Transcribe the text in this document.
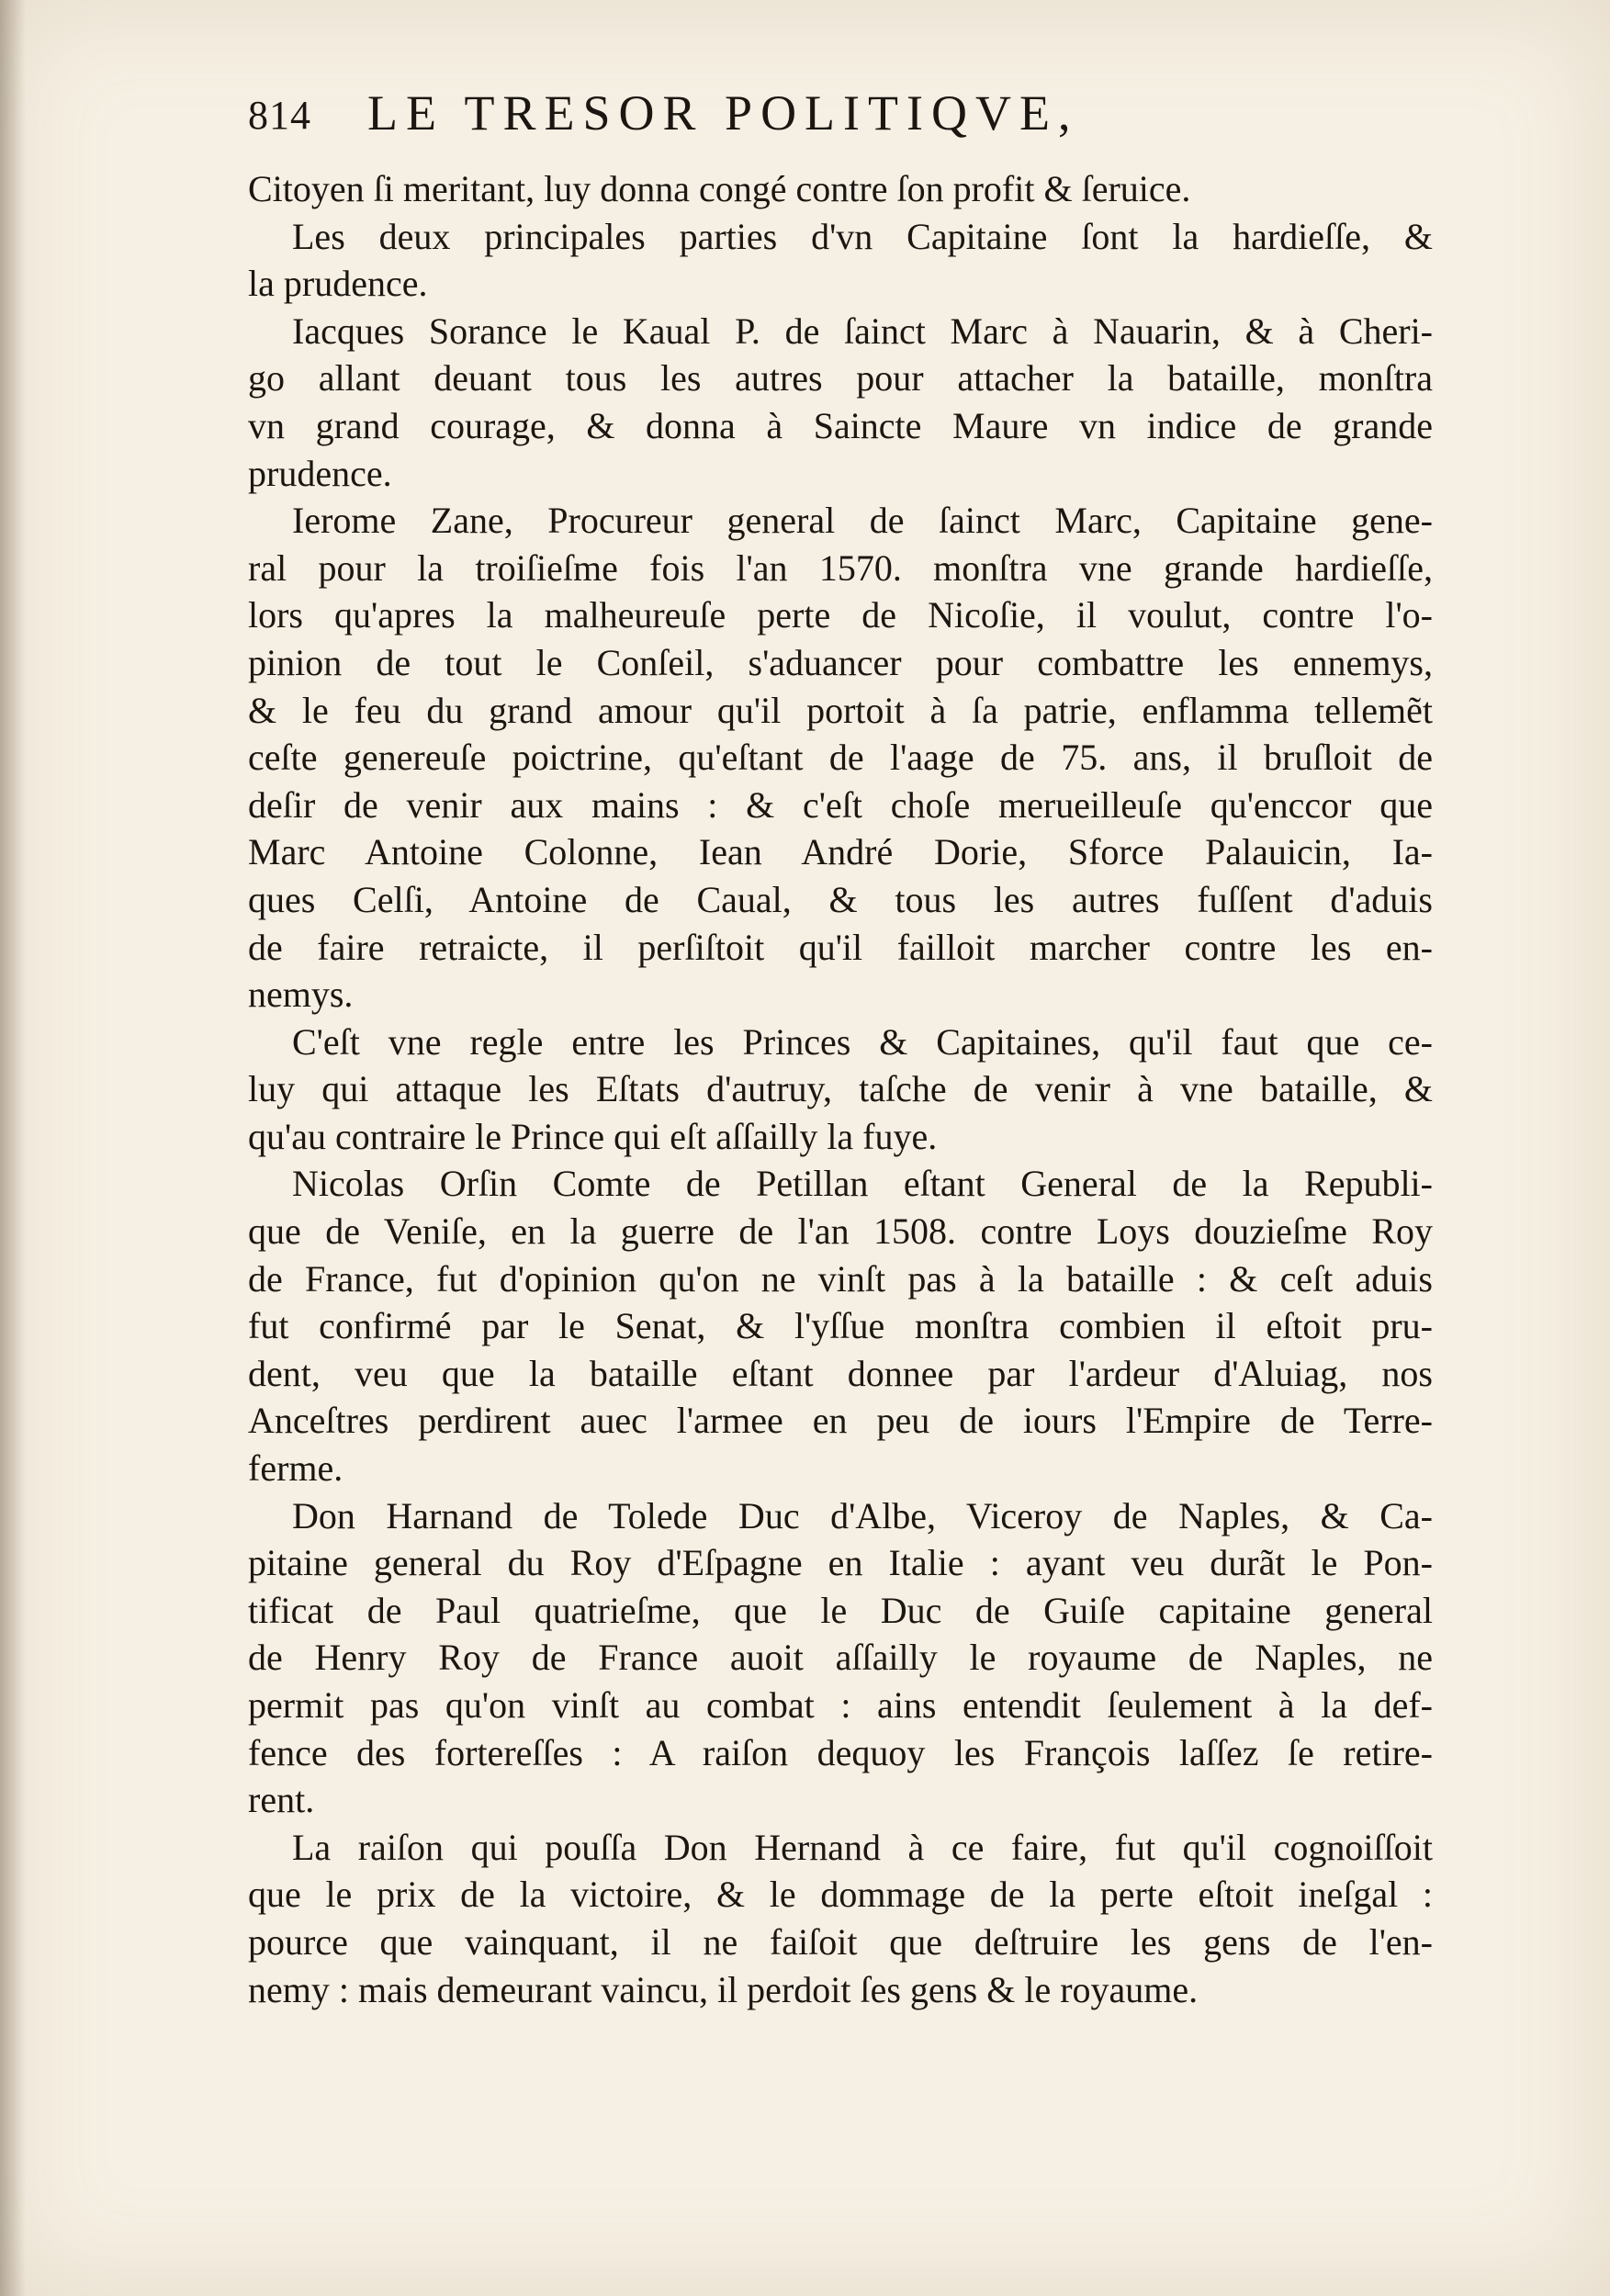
814 LE TRESOR POLITIQVE,

Citoyen ſi meritant, luy donna congé contre ſon profit & ſeruice.

Les deux principales parties d'vn Capitaine ſont la hardieſſe, &
la prudence.

Iacques Sorance le Kaual P. de ſainct Marc à Nauarin, & à Cheri-
go allant deuant tous les autres pour attacher la bataille, monſtra
vn grand courage, & donna à Saincte Maure vn indice de grande
prudence.

Ierome Zane, Procureur general de ſainct Marc, Capitaine gene-
ral pour la troiſieſme fois l'an 1570. monſtra vne grande hardieſſe,
lors qu'apres la malheureuſe perte de Nicoſie, il voulut, contre l'o-
pinion de tout le Conſeil, s'aduancer pour combattre les ennemys,
& le feu du grand amour qu'il portoit à ſa patrie, enflamma tellemẽt
ceſte genereuſe poictrine, qu'eſtant de l'aage de 75. ans, il bruſloit de
deſir de venir aux mains : & c'eſt choſe merueilleuſe qu'enccor que
Marc Antoine Colonne, Iean André Dorie, Sforce Palauicin, Ia-
ques Celſi, Antoine de Caual, & tous les autres fuſſent d'aduis
de faire retraicte, il perſiſtoit qu'il failloit marcher contre les en-
nemys.

C'eſt vne regle entre les Princes & Capitaines, qu'il faut que ce-
luy qui attaque les Eſtats d'autruy, taſche de venir à vne bataille, &
qu'au contraire le Prince qui eſt aſſailly la fuye.

Nicolas Orſin Comte de Petillan eſtant General de la Republi-
que de Veniſe, en la guerre de l'an 1508. contre Loys douzieſme Roy
de France, fut d'opinion qu'on ne vinſt pas à la bataille : & ceſt aduis
fut confirmé par le Senat, & l'yſſue monſtra combien il eſtoit pru-
dent, veu que la bataille eſtant donnee par l'ardeur d'Aluiag, nos
Anceſtres perdirent auec l'armee en peu de iours l'Empire de Terre-
ferme.

Don Harnand de Tolede Duc d'Albe, Viceroy de Naples, & Ca-
pitaine general du Roy d'Eſpagne en Italie : ayant veu durãt le Pon-
tificat de Paul quatrieſme, que le Duc de Guiſe capitaine general
de Henry Roy de France auoit aſſailly le royaume de Naples, ne
permit pas qu'on vinſt au combat : ains entendit ſeulement à la def-
fence des fortereſſes : A raiſon dequoy les François laſſez ſe retire-
rent.

La raiſon qui pouſſa Don Hernand à ce faire, fut qu'il cognoiſſoit
que le prix de la victoire, & le dommage de la perte eſtoit ineſgal :
pource que vainquant, il ne faiſoit que deſtruire les gens de l'en-
nemy : mais demeurant vaincu, il perdoit ſes gens & le royaume.
